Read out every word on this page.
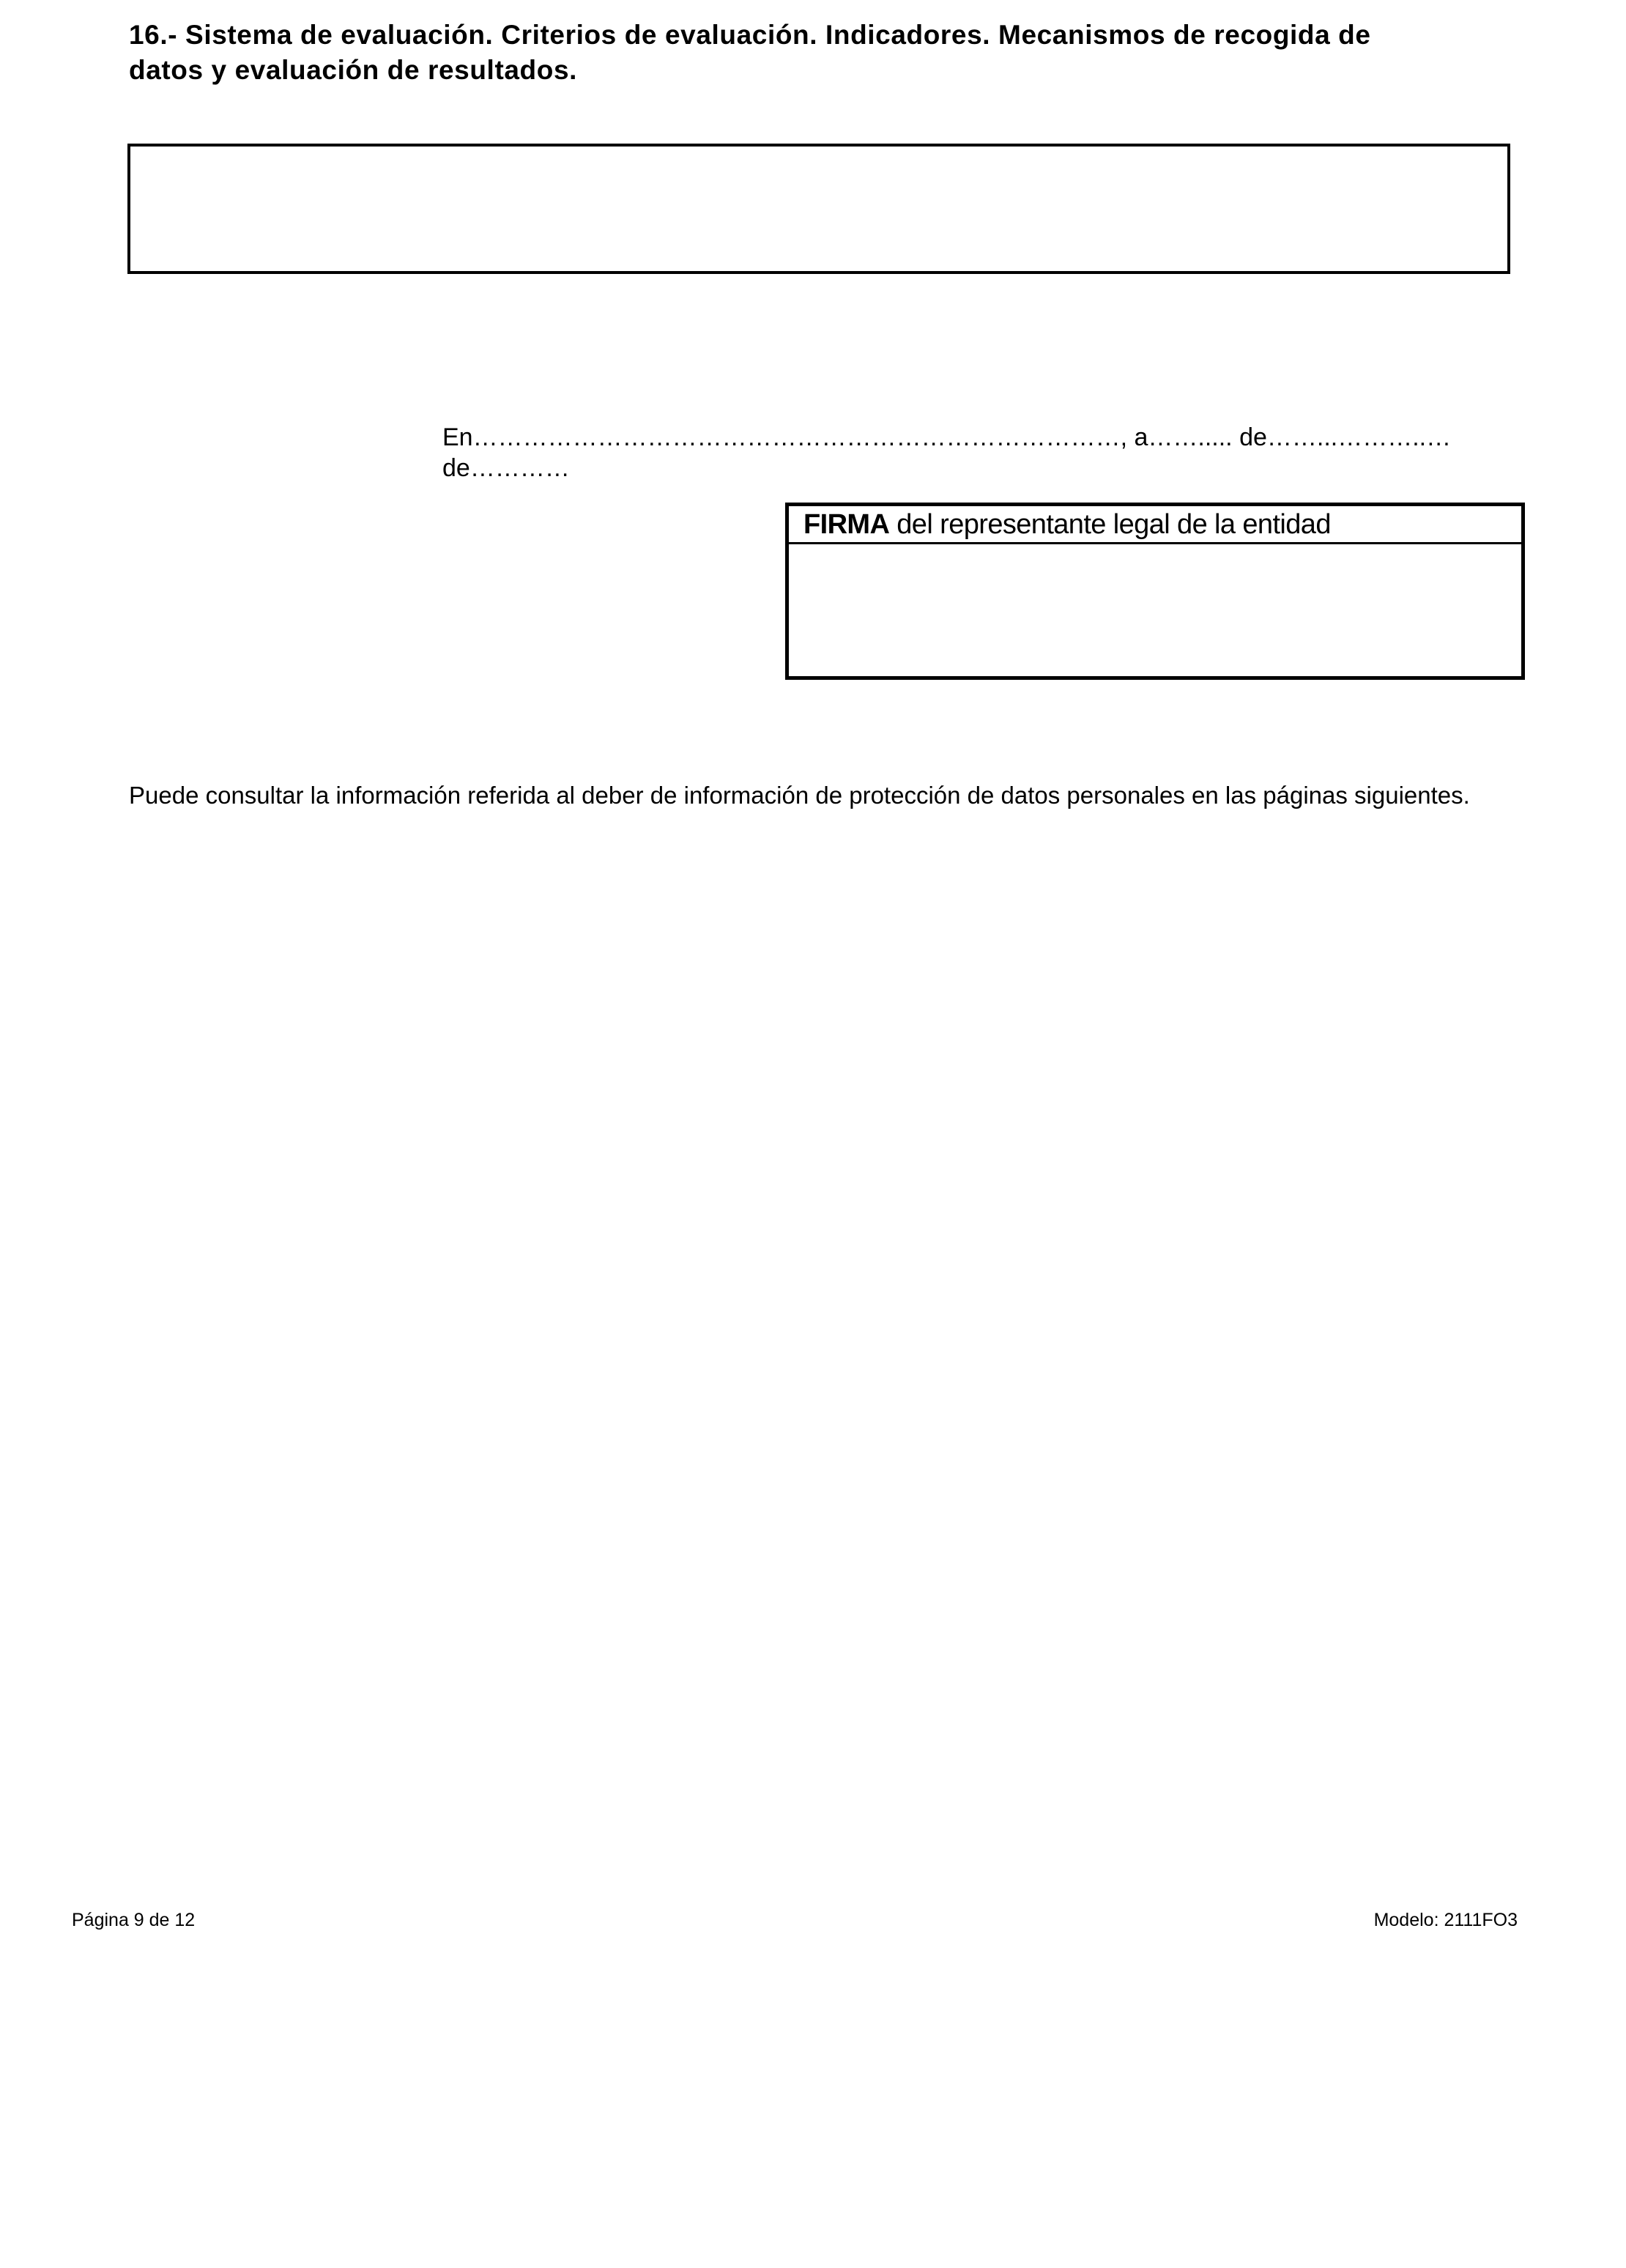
16.- Sistema de evaluación. Criterios de evaluación. Indicadores. Mecanismos de recogida de datos y evaluación de resultados.
En……………………………………………………………………, a……..... de……...………..…
de…………
FIRMA del representante legal de la entidad
Puede consultar la información referida al deber de información de protección de datos personales en las páginas siguientes.
Página 9 de 12	Modelo: 2111FO3
